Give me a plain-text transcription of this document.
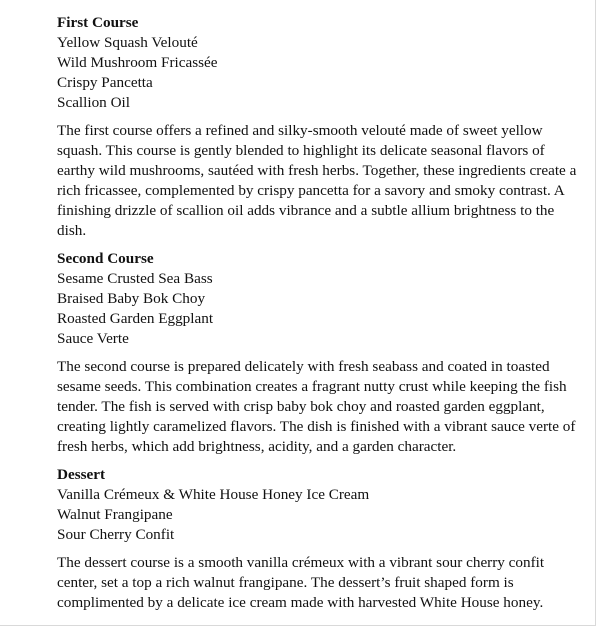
First Course
Yellow Squash Velouté
Wild Mushroom Fricassée
Crispy Pancetta
Scallion Oil

The first course offers a refined and silky-smooth velouté made of sweet yellow squash. This course is gently blended to highlight its delicate seasonal flavors of earthy wild mushrooms, sautéed with fresh herbs. Together, these ingredients create a rich fricassee, complemented by crispy pancetta for a savory and smoky contrast. A finishing drizzle of scallion oil adds vibrance and a subtle allium brightness to the dish.

Second Course
Sesame Crusted Sea Bass
Braised Baby Bok Choy
Roasted Garden Eggplant
Sauce Verte

The second course is prepared delicately with fresh seabass and coated in toasted sesame seeds. This combination creates a fragrant nutty crust while keeping the fish tender. The fish is served with crisp baby bok choy and roasted garden eggplant, creating lightly caramelized flavors. The dish is finished with a vibrant sauce verte of fresh herbs, which add brightness, acidity, and a garden character.

Dessert
Vanilla Crémeux & White House Honey Ice Cream
Walnut Frangipane
Sour Cherry Confit

The dessert course is a smooth vanilla crémeux with a vibrant sour cherry confit center, set a top a rich walnut frangipane. The dessert’s fruit shaped form is complimented by a delicate ice cream made with harvested White House honey.
